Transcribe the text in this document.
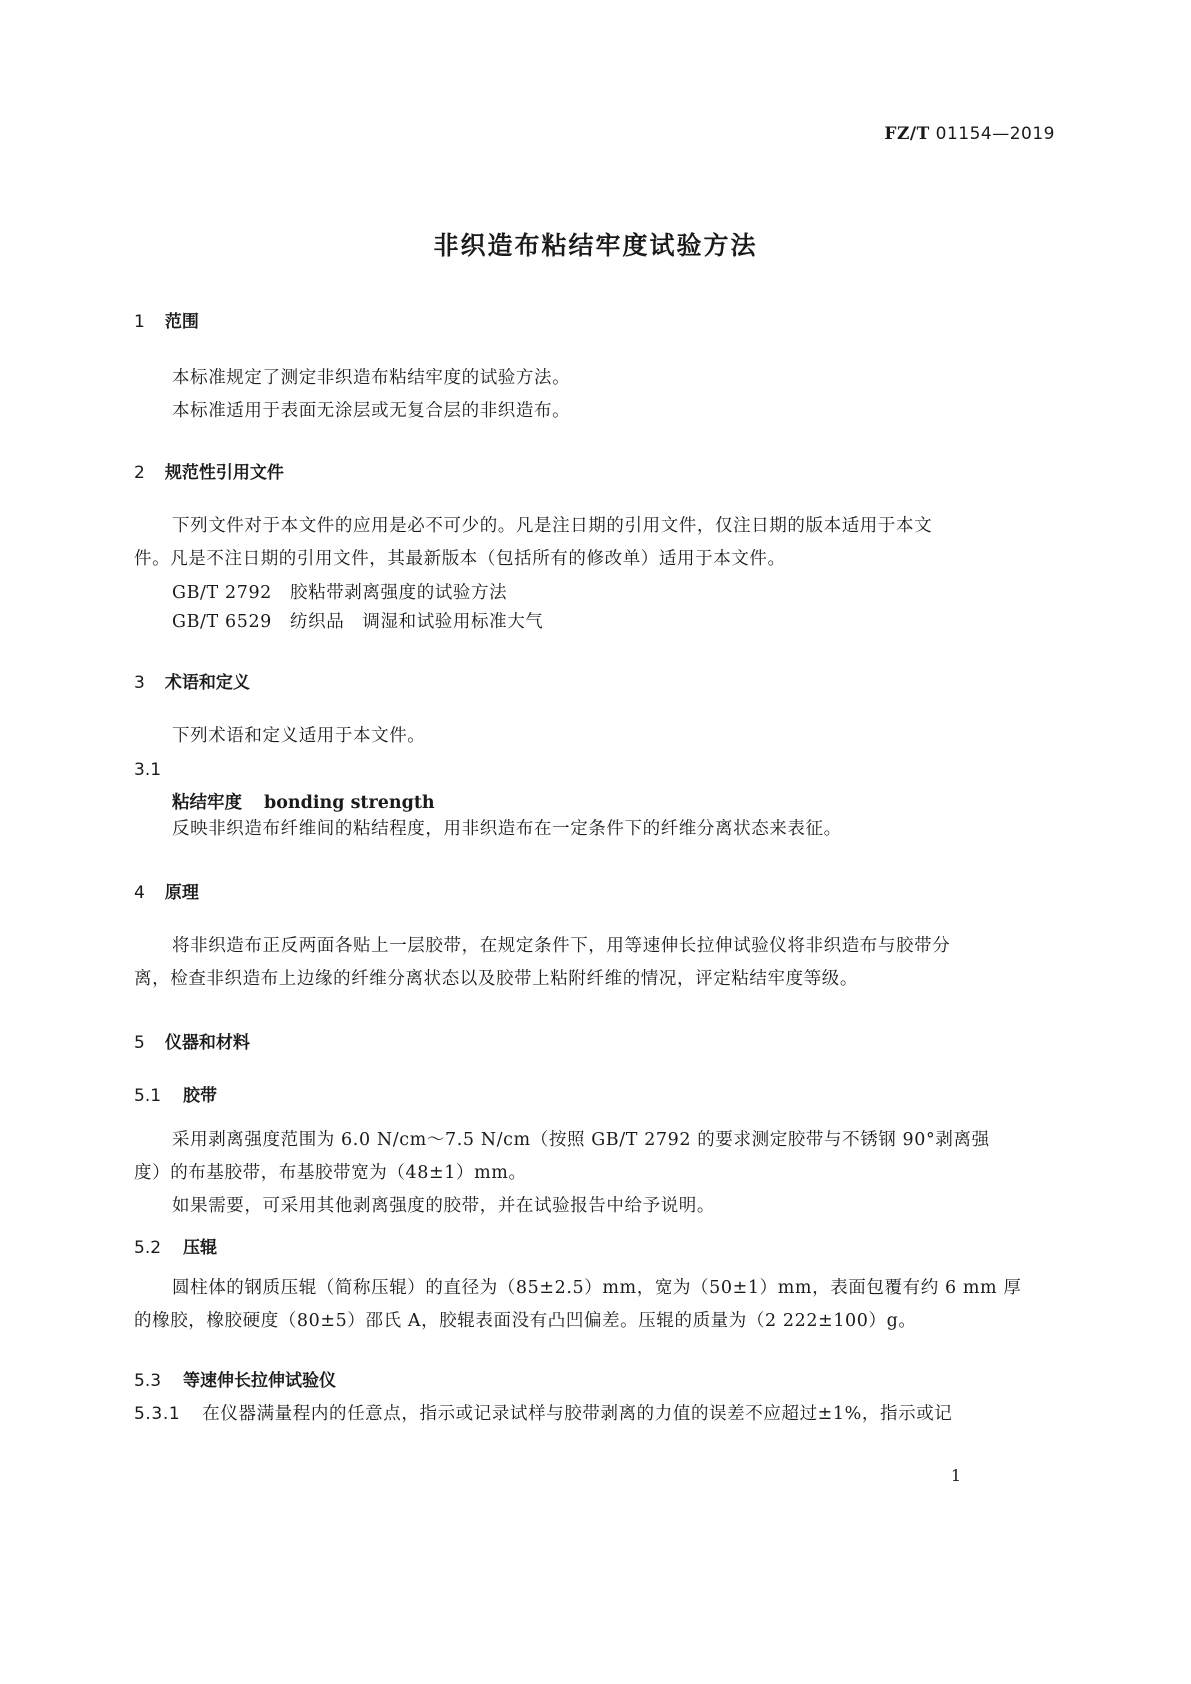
FZ/T 01154—2019
非织造布粘结牢度试验方法
1 范围
本标准规定了测定非织造布粘结牢度的试验方法。
本标准适用于表面无涂层或无复合层的非织造布。
2 规范性引用文件
下列文件对于本文件的应用是必不可少的。凡是注日期的引用文件，仅注日期的版本适用于本文
件。凡是不注日期的引用文件，其最新版本（包括所有的修改单）适用于本文件。
GB/T 2792 胶粘带剥离强度的试验方法
GB/T 6529 纺织品　调湿和试验用标准大气
3 术语和定义
下列术语和定义适用于本文件。
3.1
粘结牢度 bonding strength
反映非织造布纤维间的粘结程度，用非织造布在一定条件下的纤维分离状态来表征。
4 原理
将非织造布正反两面各贴上一层胶带，在规定条件下，用等速伸长拉伸试验仪将非织造布与胶带分
离，检查非织造布上边缘的纤维分离状态以及胶带上粘附纤维的情况，评定粘结牢度等级。
5 仪器和材料
5.1 胶带
采用剥离强度范围为 6.0 N/cm～7.5 N/cm（按照 GB/T 2792 的要求测定胶带与不锈钢 90°剥离强
度）的布基胶带，布基胶带宽为（48±1）mm。
如果需要，可采用其他剥离强度的胶带，并在试验报告中给予说明。
5.2 压辊
圆柱体的钢质压辊（简称压辊）的直径为（85±2.5）mm，宽为（50±1）mm，表面包覆有约 6 mm 厚
的橡胶，橡胶硬度（80±5）邵氏 A，胶辊表面没有凸凹偏差。压辊的质量为（2 222±100）g。
5.3 等速伸长拉伸试验仪
5.3.1 在仪器满量程内的任意点，指示或记录试样与胶带剥离的力值的误差不应超过±1%，指示或记
1
